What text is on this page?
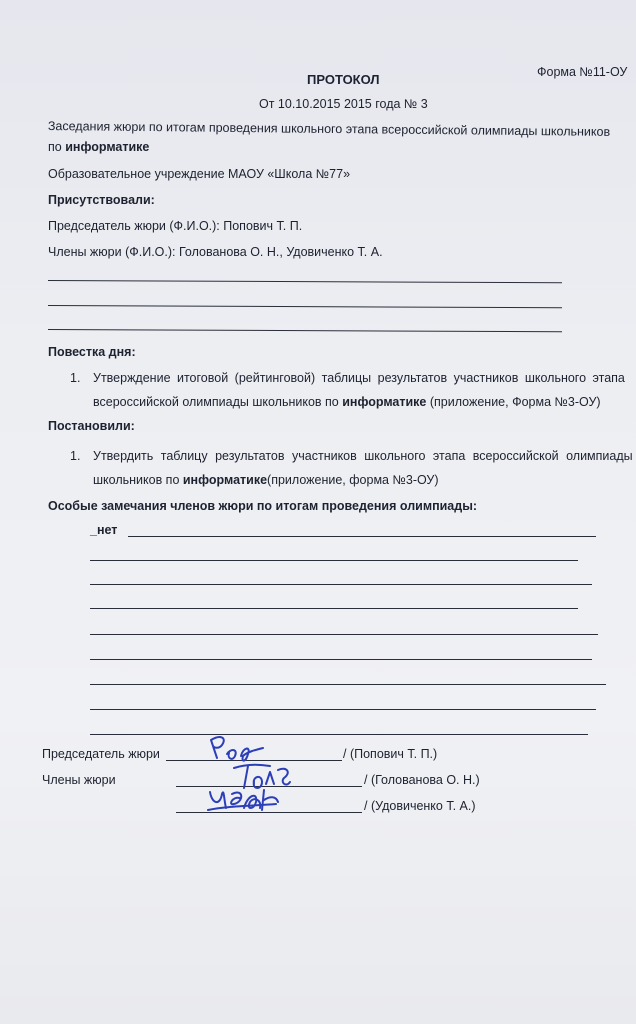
Форма №11-ОУ
ПРОТОКОЛ
От 10.10.2015 2015 года № 3
Заседания жюри по итогам проведения школьного этапа всероссийской олимпиады школьников
по информатике
Образовательное учреждение МАОУ «Школа №77»
Присутствовали:
Председатель жюри (Ф.И.О.): Попович Т. П.
Члены жюри (Ф.И.О.): Голованова О. Н., Удовиченко Т. А.
Повестка дня:
1. Утверждение итоговой (рейтинговой) таблицы результатов участников школьного этапа
всероссийской олимпиады школьников по информатике (приложение, Форма №3-ОУ)
Постановили:
1. Утвердить таблицу результатов участников школьного этапа всероссийской олимпиады
школьников по информатике(приложение, форма №3-ОУ)
Особые замечания членов жюри по итогам проведения олимпиады:
_нет
Председатель жюри	/ (Попович Т. П.)
Члены жюри	/ (Голованова О. Н.)
/ (Удовиченко Т. А.)
